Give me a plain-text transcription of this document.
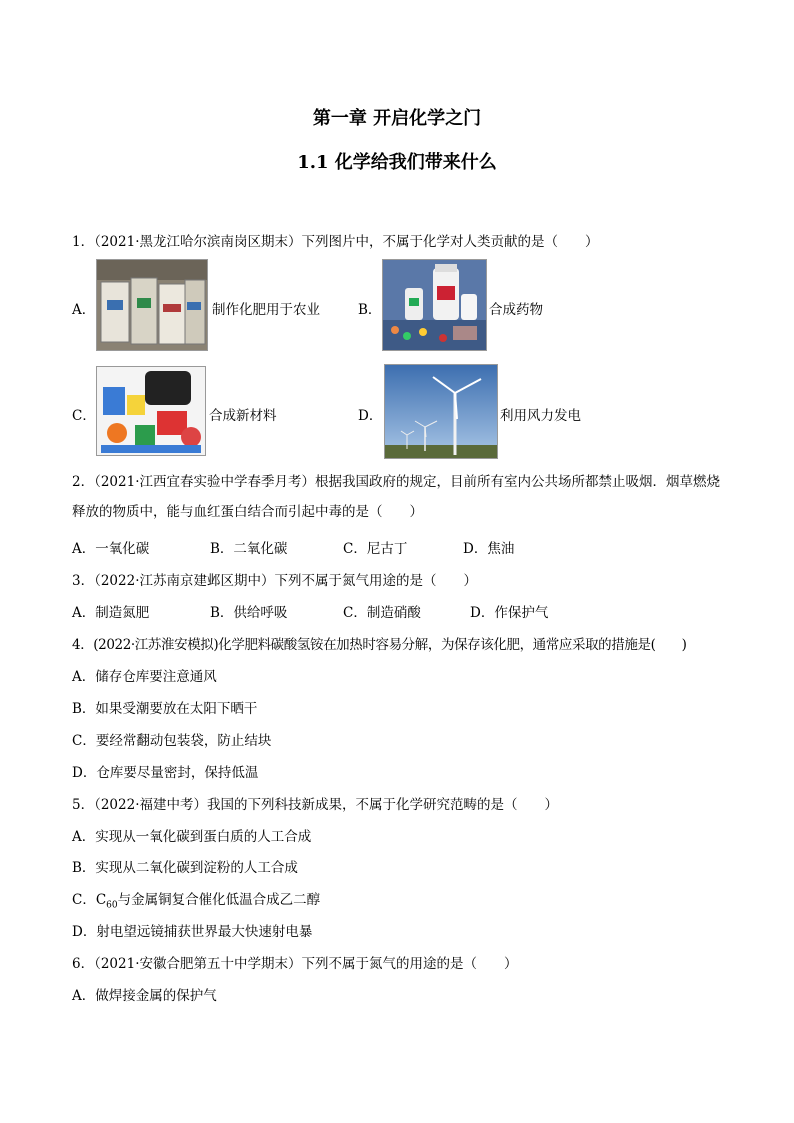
第一章 开启化学之门
1.1 化学给我们带来什么
1．（2021·黑龙江哈尔滨南岗区期末）下列图片中，不属于化学对人类贡献的是（　　）
A．	制作化肥用于农业	B．	合成药物
C．	合成新材料	D．	利用风力发电
2．（2021·江西宜春实验中学春季月考）根据我国政府的规定，目前所有室内公共场所都禁止吸烟．烟草燃烧释放的物质中，能与血红蛋白结合而引起中毒的是（　　）
A．一氧化碳	B．二氧化碳	C．尼古丁	D．焦油
3．（2022·江苏南京建邺区期中）下列不属于氮气用途的是（　　）
A．制造氮肥	B．供给呼吸	C．制造硝酸	D．作保护气
4．(2022·江苏淮安模拟)化学肥料碳酸氢铵在加热时容易分解，为保存该化肥，通常应采取的措施是(　　)
A．储存仓库要注意通风
B．如果受潮要放在太阳下晒干
C．要经常翻动包装袋，防止结块
D．仓库要尽量密封，保持低温
5．（2022·福建中考）我国的下列科技新成果，不属于化学研究范畴的是（　　）
A．实现从一氧化碳到蛋白质的人工合成
B．实现从二氧化碳到淀粉的人工合成
C．$C_{60}$与金属铜复合催化低温合成乙二醇
D．射电望远镜捕获世界最大快速射电暴
6．（2021·安徽合肥第五十中学期末）下列不属于氮气的用途的是（　　）
A．做焊接金属的保护气
